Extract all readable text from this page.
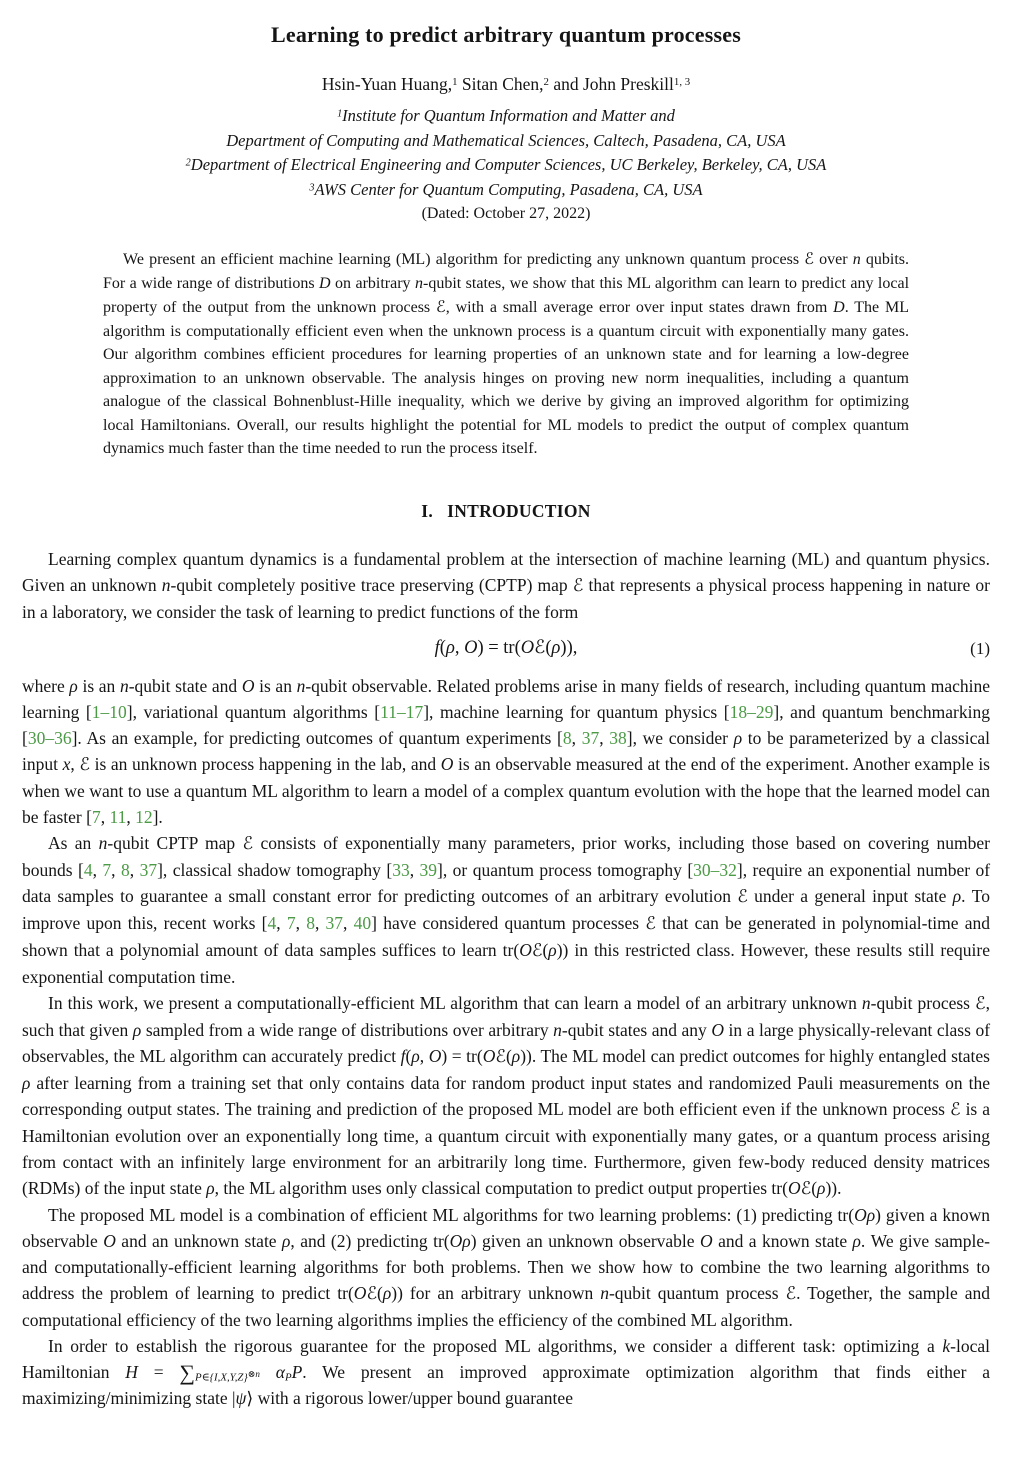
Learning to predict arbitrary quantum processes
Hsin-Yuan Huang,$^1$ Sitan Chen,$^2$ and John Preskill$^{1, 3}$
$^1$Institute for Quantum Information and Matter and
Department of Computing and Mathematical Sciences, Caltech, Pasadena, CA, USA
$^2$Department of Electrical Engineering and Computer Sciences, UC Berkeley, Berkeley, CA, USA
$^3$AWS Center for Quantum Computing, Pasadena, CA, USA
(Dated: October 27, 2022)

We present an efficient machine learning (ML) algorithm for predicting any unknown quantum process ℰ over n qubits. For a wide range of distributions D on arbitrary n-qubit states, we show that this ML algorithm can learn to predict any local property of the output from the unknown process ℰ, with a small average error over input states drawn from D. The ML algorithm is computationally efficient even when the unknown process is a quantum circuit with exponentially many gates. Our algorithm combines efficient procedures for learning properties of an unknown state and for learning a low-degree approximation to an unknown observable. The analysis hinges on proving new norm inequalities, including a quantum analogue of the classical Bohnenblust-Hille inequality, which we derive by giving an improved algorithm for optimizing local Hamiltonians. Overall, our results highlight the potential for ML models to predict the output of complex quantum dynamics much faster than the time needed to run the process itself.

I. INTRODUCTION

Learning complex quantum dynamics is a fundamental problem at the intersection of machine learning (ML) and quantum physics. Given an unknown n-qubit completely positive trace preserving (CPTP) map ℰ that represents a physical process happening in nature or in a laboratory, we consider the task of learning to predict functions of the form

f(ρ, O) = tr(Oℰ(ρ)),	(1)

where ρ is an n-qubit state and O is an n-qubit observable. Related problems arise in many fields of research, including quantum machine learning [1–10], variational quantum algorithms [11–17], machine learning for quantum physics [18–29], and quantum benchmarking [30–36]. As an example, for predicting outcomes of quantum experiments [8, 37, 38], we consider ρ to be parameterized by a classical input x, ℰ is an unknown process happening in the lab, and O is an observable measured at the end of the experiment. Another example is when we want to use a quantum ML algorithm to learn a model of a complex quantum evolution with the hope that the learned model can be faster [7, 11, 12].

As an n-qubit CPTP map ℰ consists of exponentially many parameters, prior works, including those based on covering number bounds [4, 7, 8, 37], classical shadow tomography [33, 39], or quantum process tomography [30–32], require an exponential number of data samples to guarantee a small constant error for predicting outcomes of an arbitrary evolution ℰ under a general input state ρ. To improve upon this, recent works [4, 7, 8, 37, 40] have considered quantum processes ℰ that can be generated in polynomial-time and shown that a polynomial amount of data samples suffices to learn tr(Oℰ(ρ)) in this restricted class. However, these results still require exponential computation time.

In this work, we present a computationally-efficient ML algorithm that can learn a model of an arbitrary unknown n-qubit process ℰ, such that given ρ sampled from a wide range of distributions over arbitrary n-qubit states and any O in a large physically-relevant class of observables, the ML algorithm can accurately predict f(ρ, O) = tr(Oℰ(ρ)). The ML model can predict outcomes for highly entangled states ρ after learning from a training set that only contains data for random product input states and randomized Pauli measurements on the corresponding output states. The training and prediction of the proposed ML model are both efficient even if the unknown process ℰ is a Hamiltonian evolution over an exponentially long time, a quantum circuit with exponentially many gates, or a quantum process arising from contact with an infinitely large environment for an arbitrarily long time. Furthermore, given few-body reduced density matrices (RDMs) of the input state ρ, the ML algorithm uses only classical computation to predict output properties tr(Oℰ(ρ)).

The proposed ML model is a combination of efficient ML algorithms for two learning problems: (1) predicting tr(Oρ) given a known observable O and an unknown state ρ, and (2) predicting tr(Oρ) given an unknown observable O and a known state ρ. We give sample- and computationally-efficient learning algorithms for both problems. Then we show how to combine the two learning algorithms to address the problem of learning to predict tr(Oℰ(ρ)) for an arbitrary unknown n-qubit quantum process ℰ. Together, the sample and computational efficiency of the two learning algorithms implies the efficiency of the combined ML algorithm.

In order to establish the rigorous guarantee for the proposed ML algorithms, we consider a different task: optimizing a k-local Hamiltonian $H = \sum_{P\in\{I,X,Y,Z\}}\otimes n$ $\alpha_PP$. We present an improved approximate optimization algorithm that finds either a maximizing/minimizing state |ψ⟩ with a rigorous lower/upper bound guarantee
